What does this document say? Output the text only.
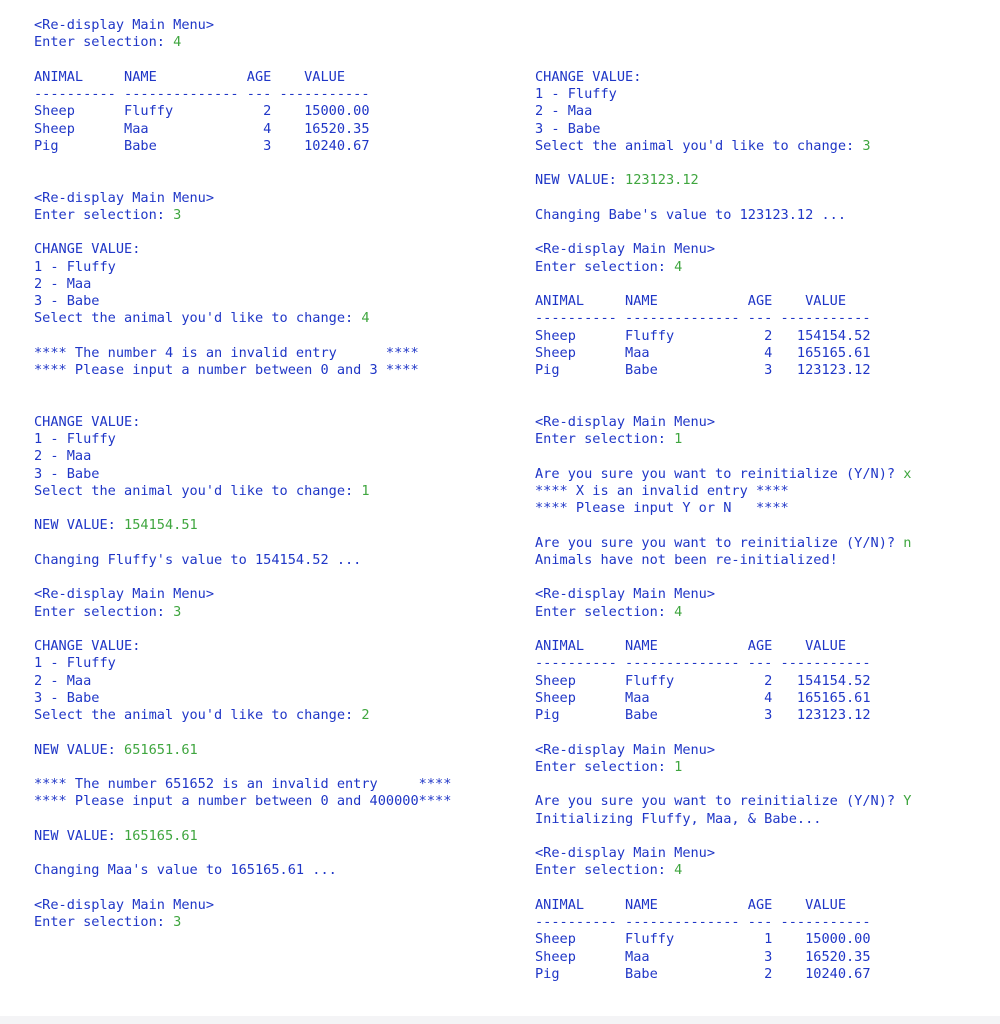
<Re-display Main Menu>
Enter selection: 4
ANIMAL     NAME           AGE    VALUE
---------- -------------- --- -----------
Sheep      Fluffy           2    15000.00
Sheep      Maa              4    16520.35
Pig        Babe             3    10240.67
<Re-display Main Menu>
Enter selection: 3
CHANGE VALUE:
1 - Fluffy
2 - Maa
3 - Babe
Select the animal you'd like to change: 4
**** The number 4 is an invalid entry      ****
**** Please input a number between 0 and 3 ****
CHANGE VALUE:
1 - Fluffy
2 - Maa
3 - Babe
Select the animal you'd like to change: 1
NEW VALUE: 154154.51
Changing Fluffy's value to 154154.52 ...
<Re-display Main Menu>
Enter selection: 3
CHANGE VALUE:
1 - Fluffy
2 - Maa
3 - Babe
Select the animal you'd like to change: 2
NEW VALUE: 651651.61
**** The number 651652 is an invalid entry     ****
**** Please input a number between 0 and 400000****
NEW VALUE: 165165.61
Changing Maa's value to 165165.61 ...
<Re-display Main Menu>
Enter selection: 3
CHANGE VALUE:
1 - Fluffy
2 - Maa
3 - Babe
Select the animal you'd like to change: 3
NEW VALUE: 123123.12
Changing Babe's value to 123123.12 ...
<Re-display Main Menu>
Enter selection: 4
ANIMAL     NAME           AGE    VALUE
---------- -------------- --- -----------
Sheep      Fluffy           2   154154.52
Sheep      Maa              4   165165.61
Pig        Babe             3   123123.12
<Re-display Main Menu>
Enter selection: 1
Are you sure you want to reinitialize (Y/N)? x
**** X is an invalid entry ****
**** Please input Y or N   ****
Are you sure you want to reinitialize (Y/N)? n
Animals have not been re-initialized!
<Re-display Main Menu>
Enter selection: 4
ANIMAL     NAME           AGE    VALUE
---------- -------------- --- -----------
Sheep      Fluffy           2   154154.52
Sheep      Maa              4   165165.61
Pig        Babe             3   123123.12
<Re-display Main Menu>
Enter selection: 1
Are you sure you want to reinitialize (Y/N)? Y
Initializing Fluffy, Maa, & Babe...
<Re-display Main Menu>
Enter selection: 4
ANIMAL     NAME           AGE    VALUE
---------- -------------- --- -----------
Sheep      Fluffy           1    15000.00
Sheep      Maa              3    16520.35
Pig        Babe             2    10240.67
